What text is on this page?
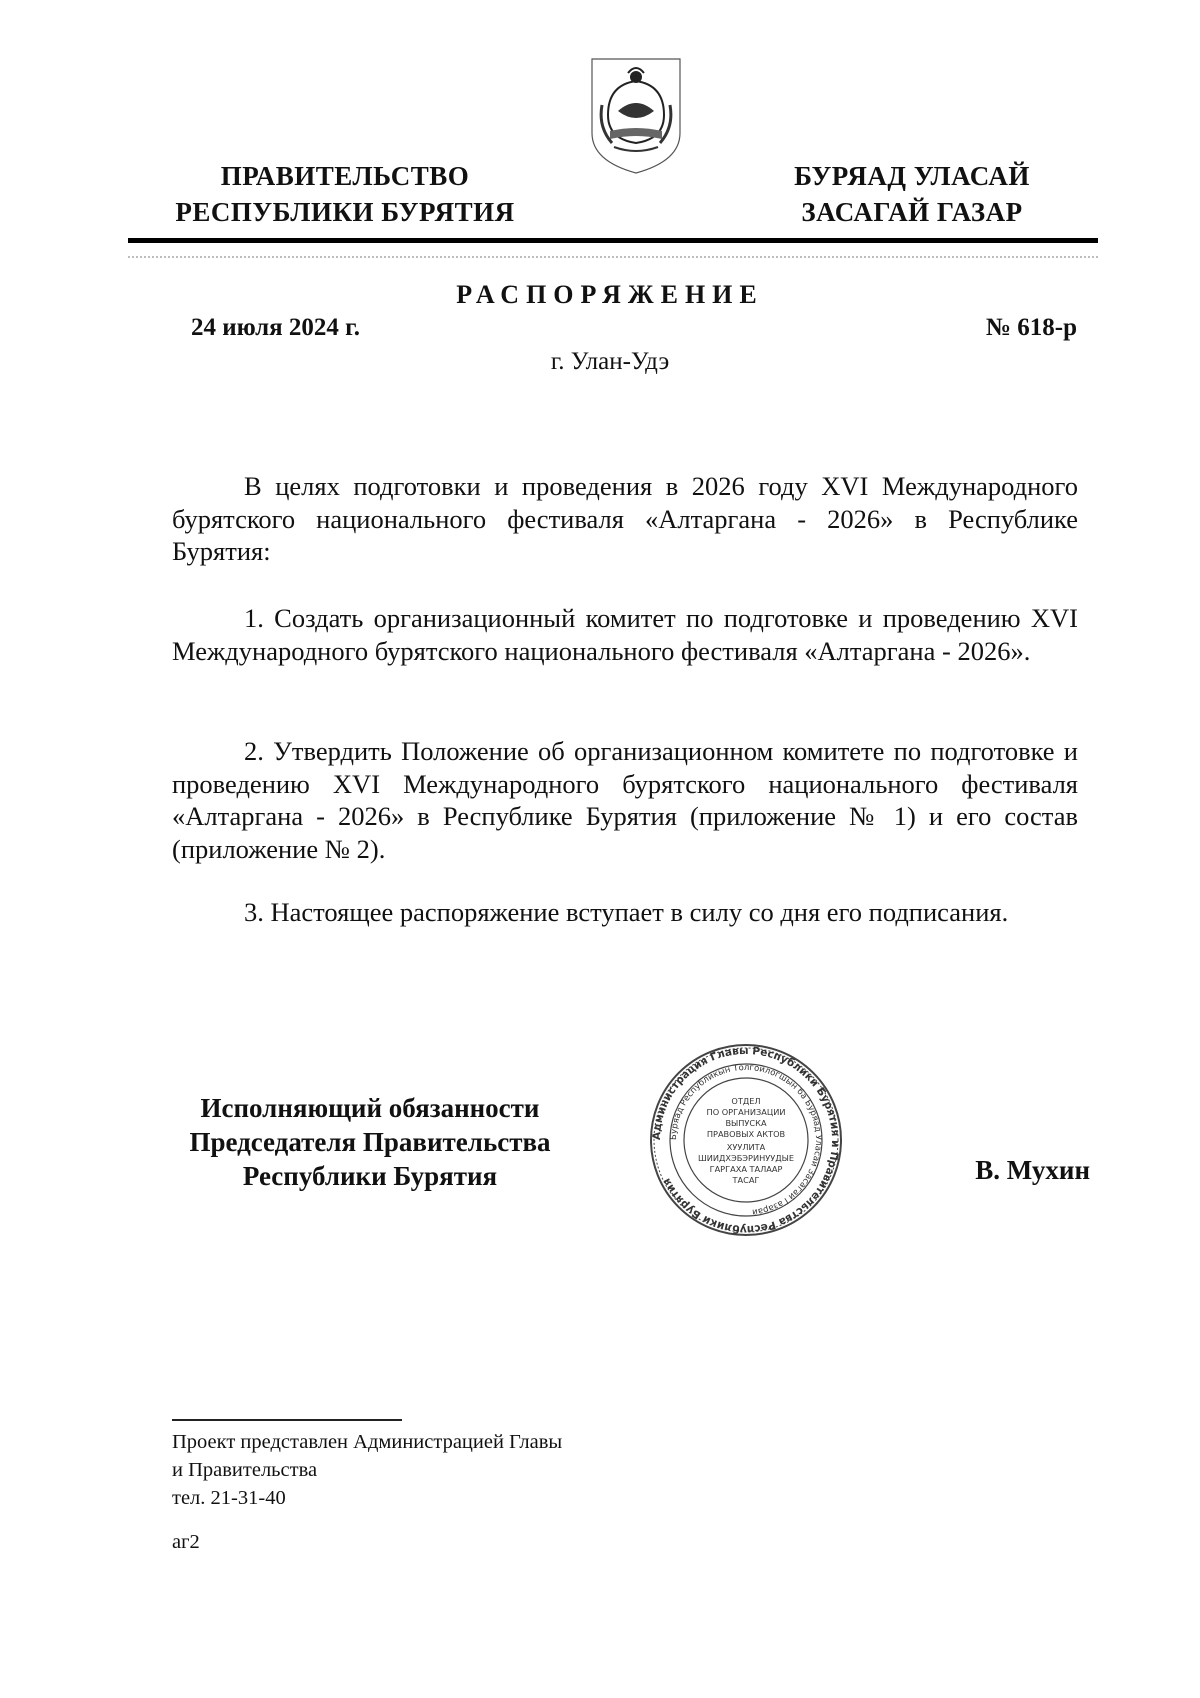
ПРАВИТЕЛЬСТВО
РЕСПУБЛИКИ БУРЯТИЯ
БУРЯАД УЛАСАЙ
ЗАСАГАЙ ГАЗАР
РАСПОРЯЖЕНИЕ
24 июля 2024 г.	№ 618-р
г. Улан-Удэ

В целях подготовки и проведения в 2026 году XVI Международного бурятского национального фестиваля «Алтаргана - 2026» в Республике Бурятия:

1. Создать организационный комитет по подготовке и проведению XVI Международного бурятского национального фестиваля «Алтаргана - 2026».

2. Утвердить Положение об организационном комитете по подготовке и проведению XVI Международного бурятского национального фестиваля «Алтаргана - 2026» в Республике Бурятия (приложение № 1) и его состав (приложение № 2).

3. Настоящее распоряжение вступает в силу со дня его подписания.

Исполняющий обязанности
Председателя Правительства
Республики Бурятия
Администрация Главы Республики Бурятия и Правительства Республики Бурятия
Буряад Республикын Толгойлогшын ба Буряад Уласай Засагай Газарай
ОТДЕЛ
ПО ОРГАНИЗАЦИИ
ВЫПУСКА
ПРАВОВЫХ АКТОВ
ХУУЛИТА
ШИИДХЭБЭРИНУУДЫЕ
ГАРГАХА ТАЛААР
ТАСАГ	В. Мухин
Проект представлен Администрацией Главы
и Правительства
тел. 21-31-40
аг2
